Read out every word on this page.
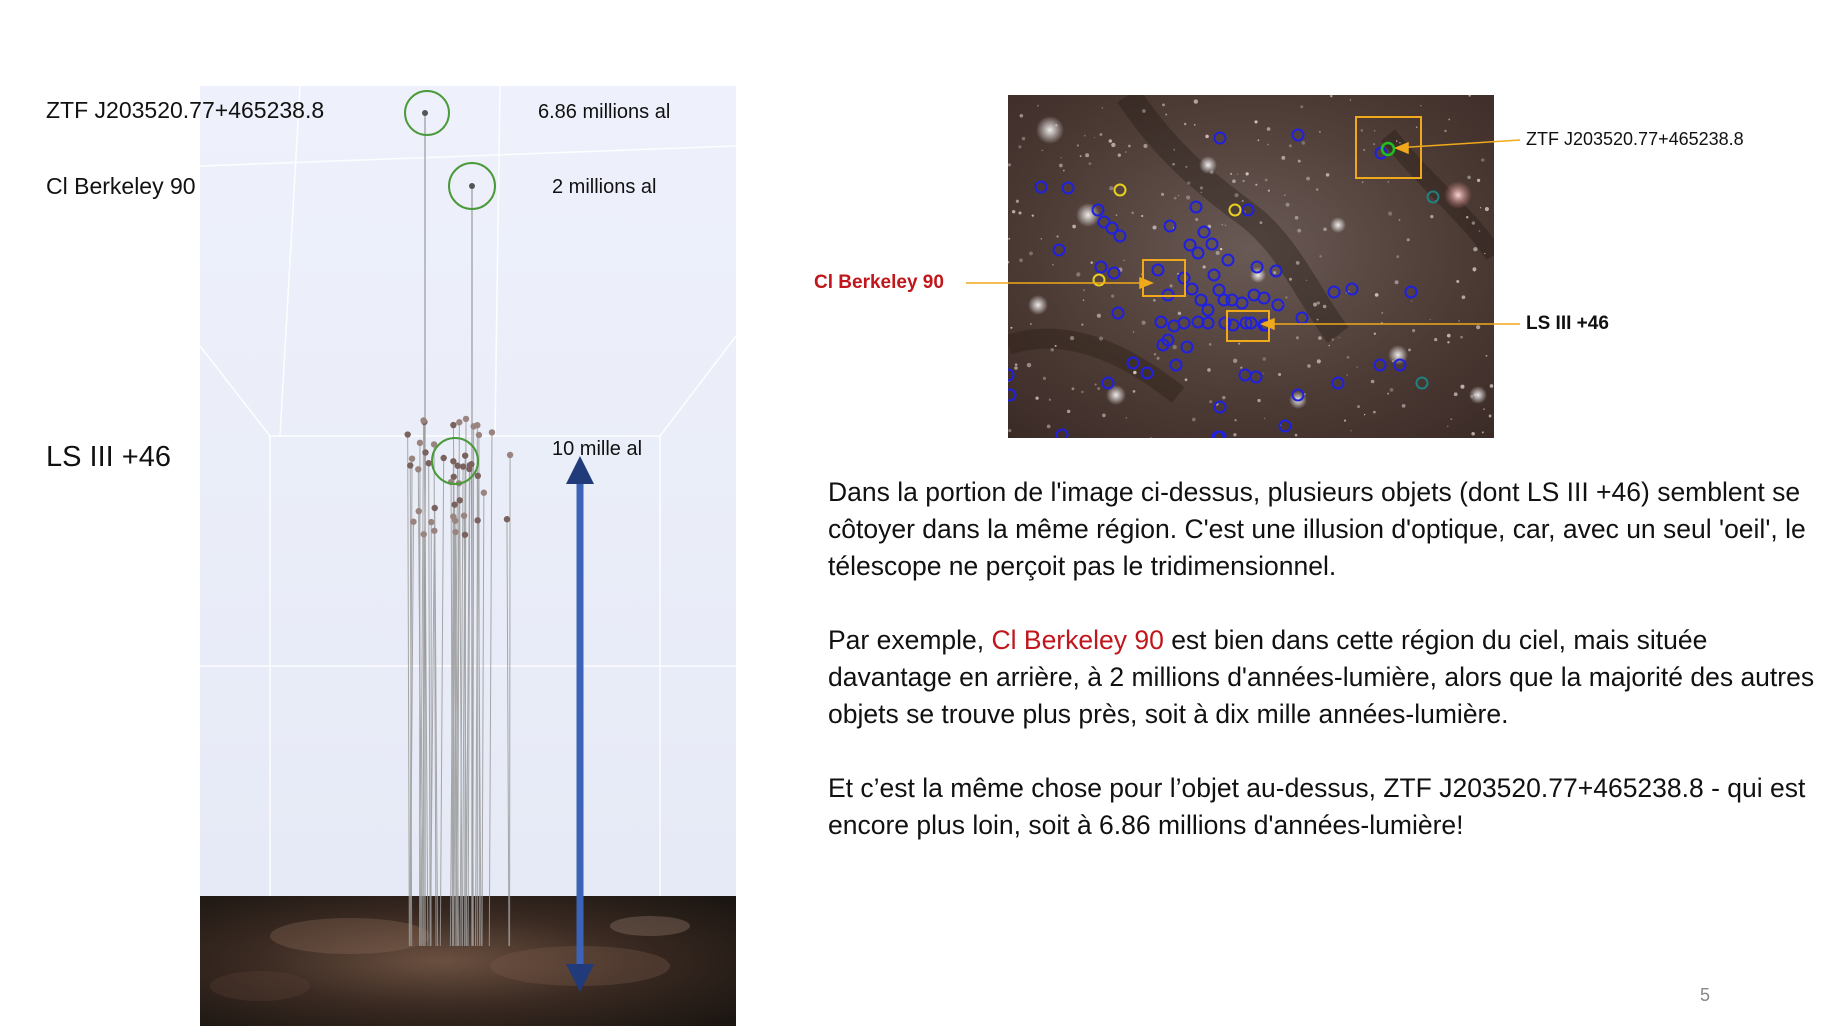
ZTF J203520.77+465238.8
Cl Berkeley 90
LS III +46
6.86 millions al
2 millions al
10 mille al
ZTF J203520.77+465238.8
Cl Berkeley 90
LS III +46

Dans la portion de l'image ci-dessus, plusieurs objets (dont LS III +46) semblent se côtoyer dans la même région. C'est une illusion d'optique, car, avec un seul 'oeil', le télescope ne perçoit pas le tridimensionnel.

Par exemple, Cl Berkeley 90 est bien dans cette région du ciel, mais située davantage en arrière, à 2 millions d'années-lumière, alors que la majorité des autres objets se trouve plus près, soit à dix mille années-lumière.

Et c’est la même chose pour l’objet au-dessus, ZTF J203520.77+465238.8 - qui est encore plus loin, soit à 6.86 millions d'années-lumière!

5
